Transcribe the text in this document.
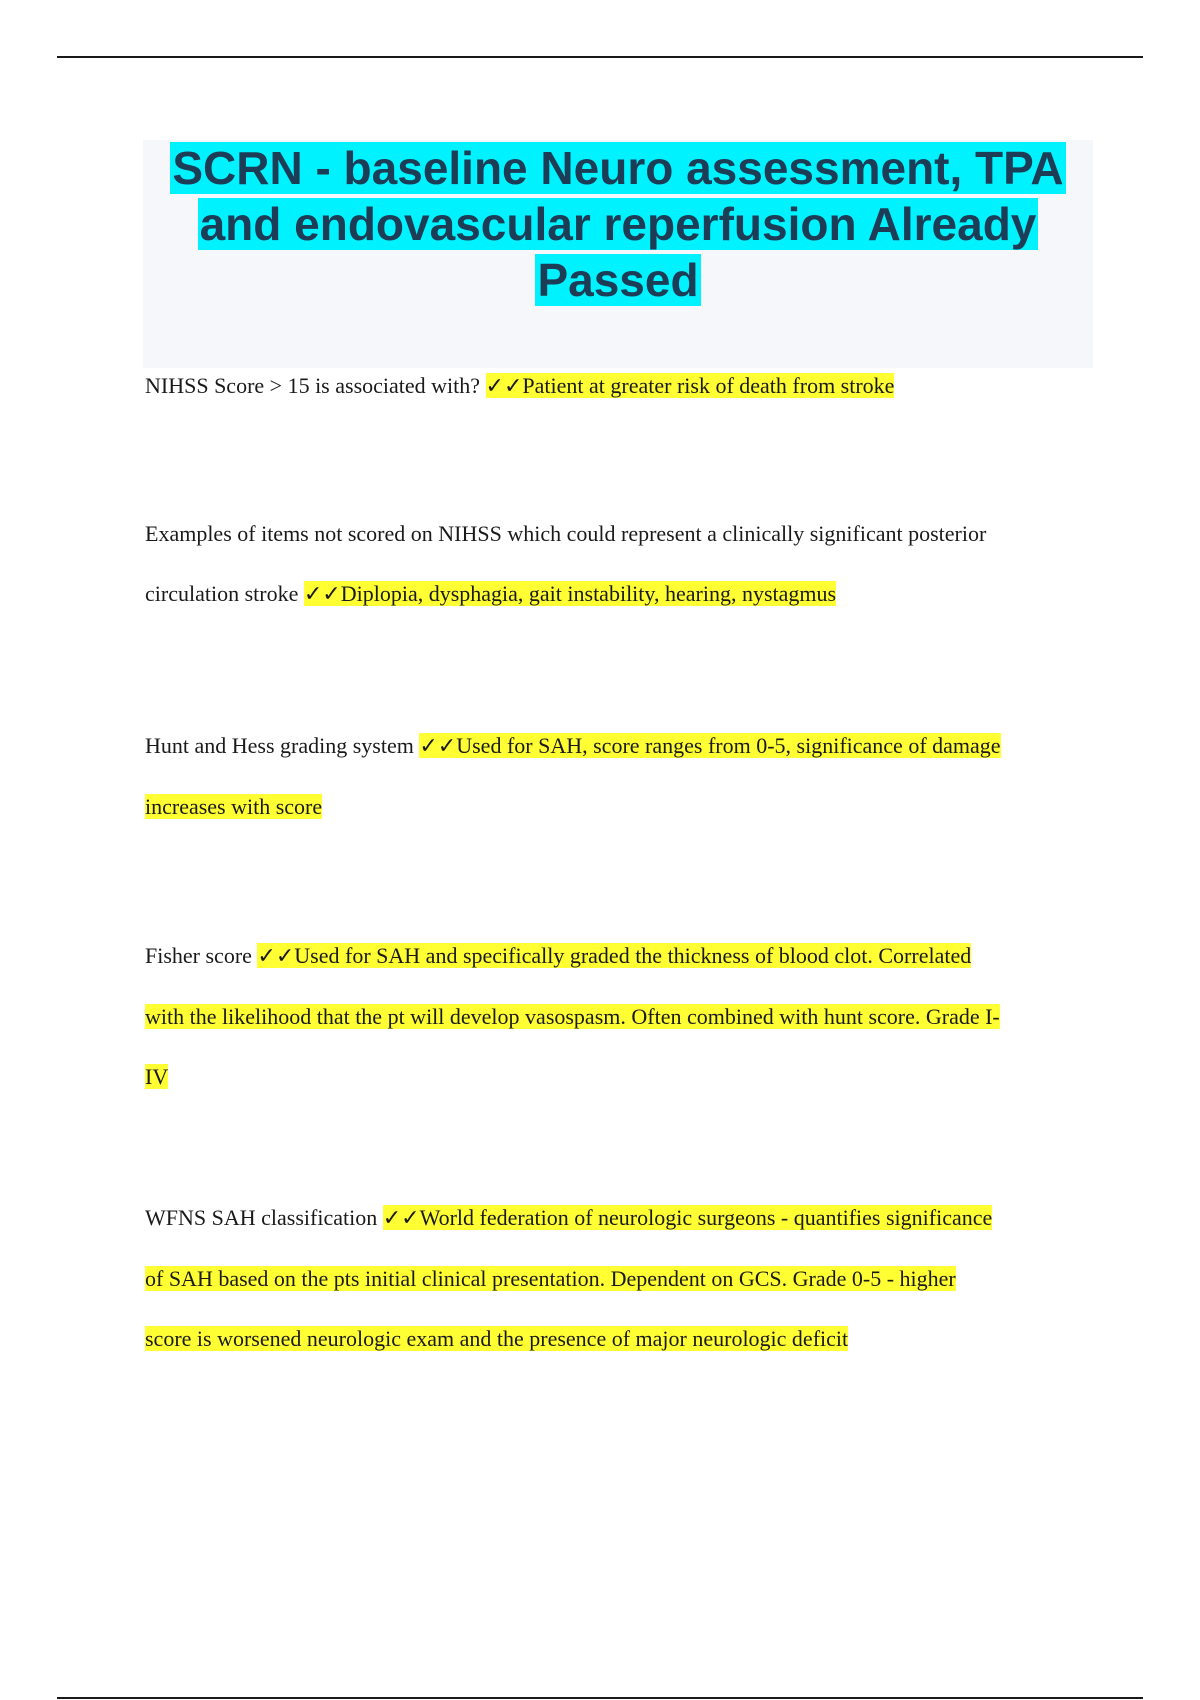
SCRN - baseline Neuro assessment, TPA
and endovascular reperfusion Already
Passed
NIHSS Score > 15 is associated with? ✓✓Patient at greater risk of death from stroke
Examples of items not scored on NIHSS which could represent a clinically significant posterior
circulation stroke ✓✓Diplopia, dysphagia, gait instability, hearing, nystagmus
Hunt and Hess grading system ✓✓Used for SAH, score ranges from 0-5, significance of damage
increases with score
Fisher score ✓✓Used for SAH and specifically graded the thickness of blood clot. Correlated
with the likelihood that the pt will develop vasospasm. Often combined with hunt score. Grade I-
IV
WFNS SAH classification ✓✓World federation of neurologic surgeons - quantifies significance
of SAH based on the pts initial clinical presentation. Dependent on GCS. Grade 0-5 - higher
score is worsened neurologic exam and the presence of major neurologic deficit
